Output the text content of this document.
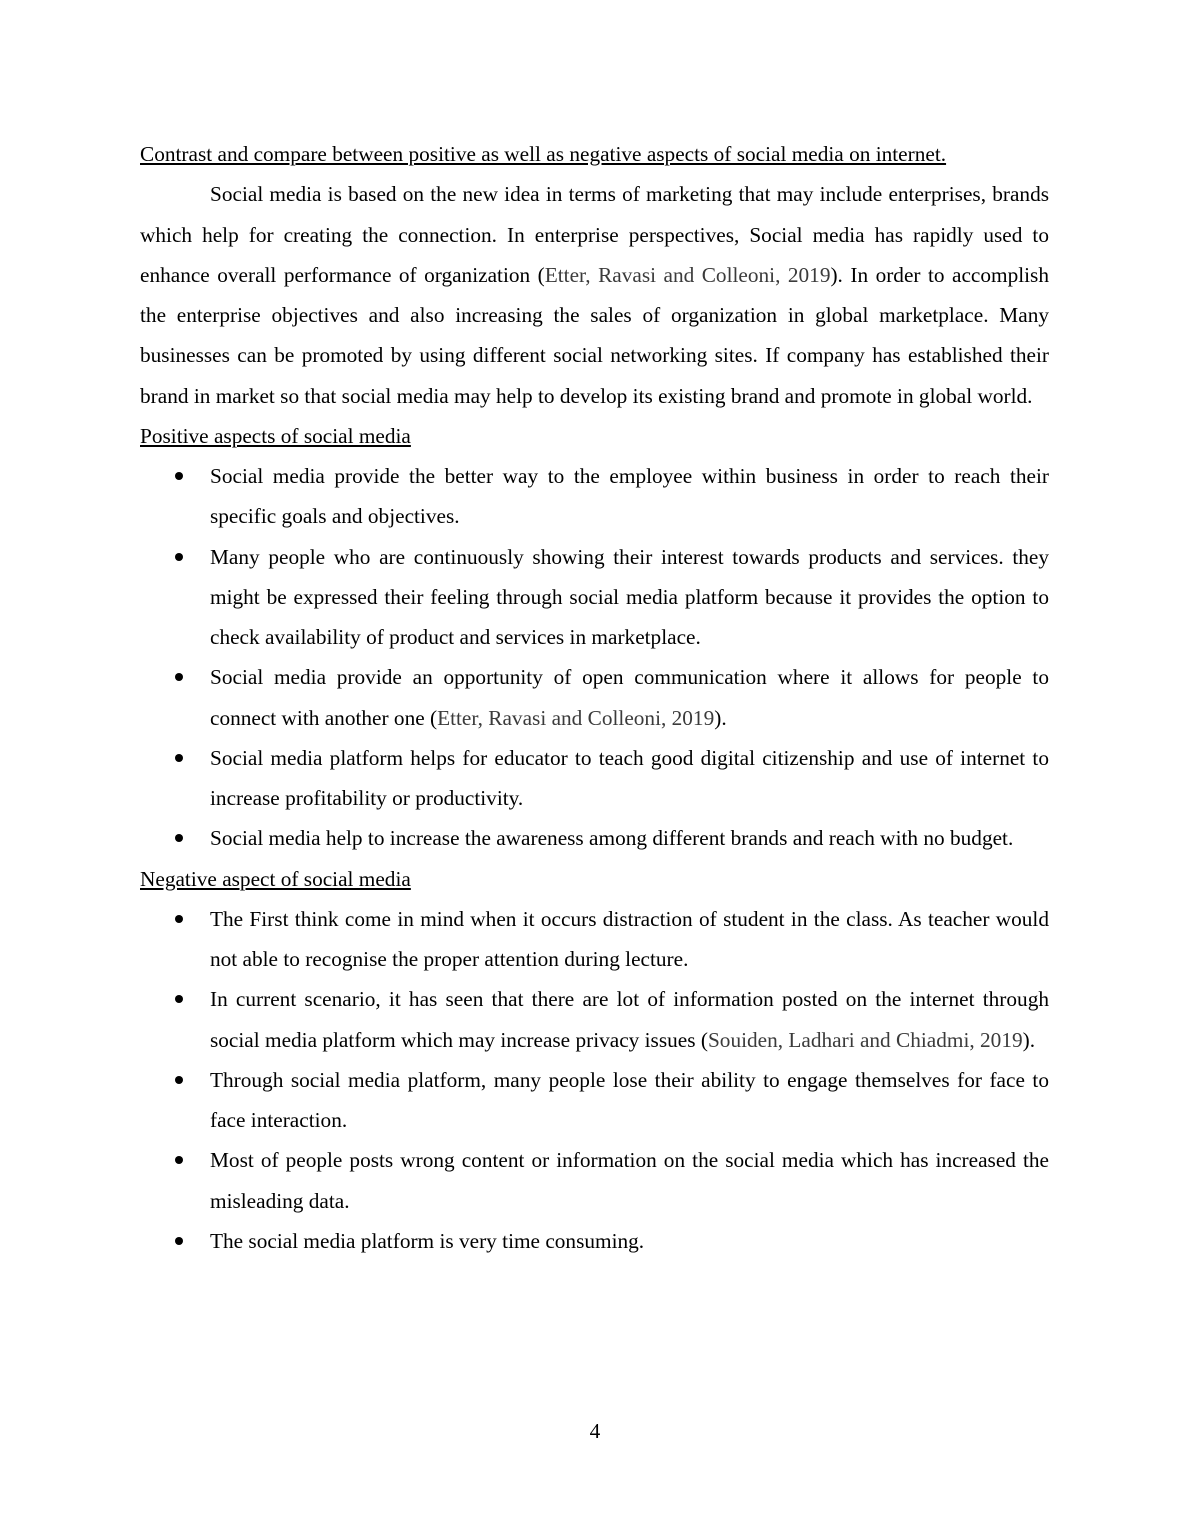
Contrast and compare between positive as well as negative aspects of social media on internet.
Social media is based on the new idea in terms of marketing that may include enterprises, brands which help for creating the connection. In enterprise perspectives, Social media has rapidly used to enhance overall performance of organization (Etter, Ravasi and Colleoni, 2019). In order to accomplish the enterprise objectives and also increasing the sales of organization in global marketplace. Many businesses can be promoted by using different social networking sites. If company has established their brand in market so that social media may help to develop its existing brand and promote in global world.
Positive aspects of social media
Social media provide the better way to the employee within business in order to reach their specific goals and objectives.
Many people who are continuously showing their interest towards products and services. they might be expressed their feeling through social media platform because it provides the option to check availability of product and services in marketplace.
Social media provide an opportunity of open communication where it allows for people to connect with another one (Etter, Ravasi and Colleoni, 2019).
Social media platform helps for educator to teach good digital citizenship and use of internet to increase profitability or productivity.
Social media help to increase the awareness among different brands and reach with no budget.
Negative aspect of social media
The First think come in mind when it occurs distraction of student in the class. As teacher would not able to recognise the proper attention during lecture.
In current scenario, it has seen that there are lot of information posted on the internet through social media platform which may increase privacy issues (Souiden, Ladhari and Chiadmi, 2019).
Through social media platform, many people lose their ability to engage themselves for face to face interaction.
Most of people posts wrong content or information on the social media which has increased the misleading data.
The social media platform is very time consuming.
4
